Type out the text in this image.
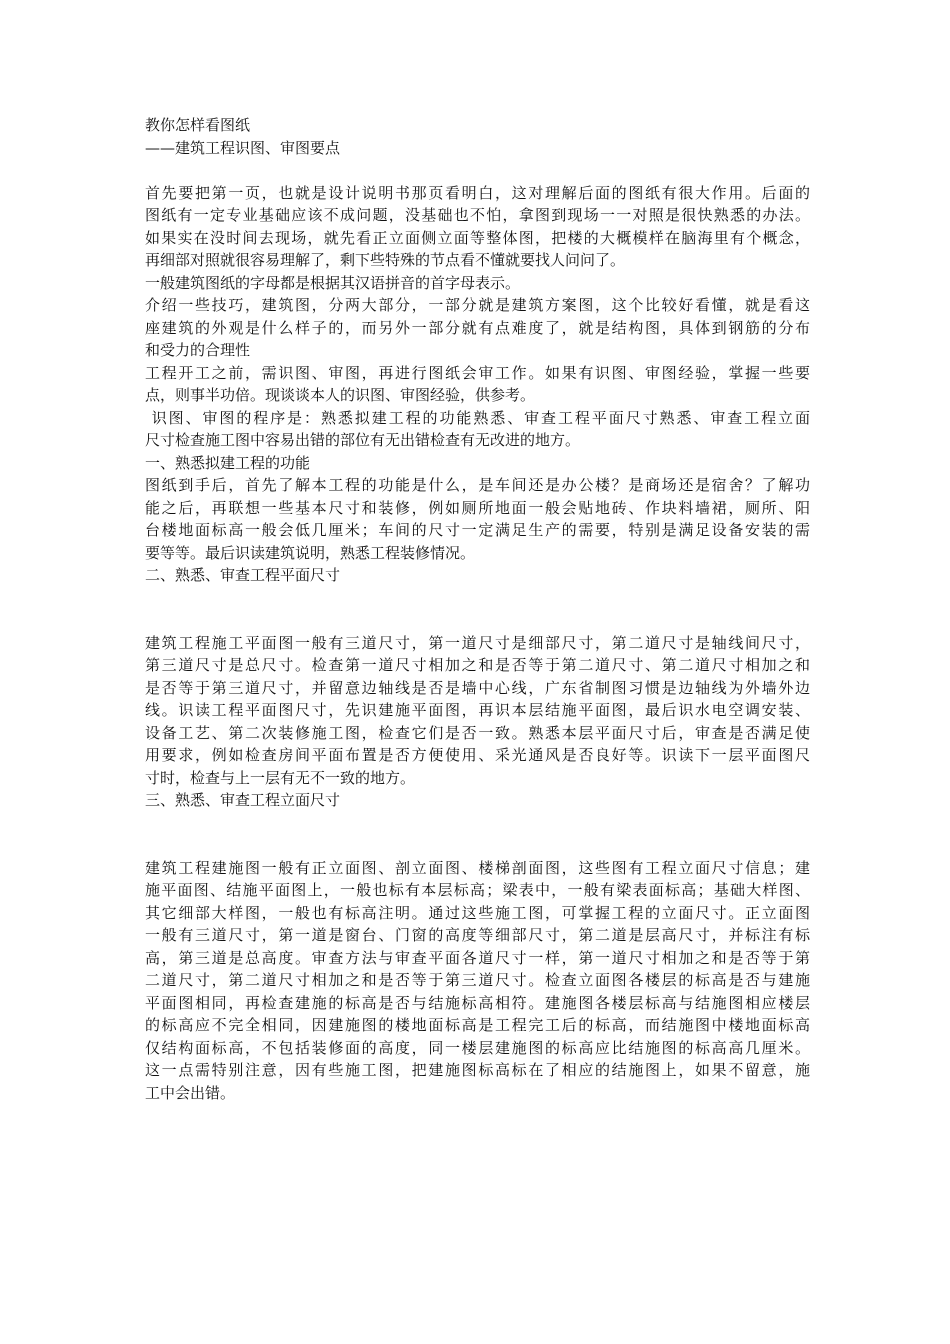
教你怎样看图纸
——建筑工程识图、审图要点
首先要把第一页，也就是设计说明书那页看明白，这对理解后面的图纸有很大作用。后面的
图纸有一定专业基础应该不成问题，没基础也不怕，拿图到现场一一对照是很快熟悉的办法。
如果实在没时间去现场，就先看正立面侧立面等整体图，把楼的大概模样在脑海里有个概念，
再细部对照就很容易理解了，剩下些特殊的节点看不懂就要找人问问了。
一般建筑图纸的字母都是根据其汉语拼音的首字母表示。
介绍一些技巧，建筑图，分两大部分，一部分就是建筑方案图，这个比较好看懂，就是看这
座建筑的外观是什么样子的，而另外一部分就有点难度了，就是结构图，具体到钢筋的分布
和受力的合理性
工程开工之前，需识图、审图，再进行图纸会审工作。如果有识图、审图经验，掌握一些要
点，则事半功倍。现谈谈本人的识图、审图经验，供参考。
识图、审图的程序是：熟悉拟建工程的功能熟悉、审查工程平面尺寸熟悉、审查工程立面
尺寸检查施工图中容易出错的部位有无出错检查有无改进的地方。
一、熟悉拟建工程的功能
图纸到手后，首先了解本工程的功能是什么，是车间还是办公楼？是商场还是宿舍？了解功
能之后，再联想一些基本尺寸和装修，例如厕所地面一般会贴地砖、作块料墙裙，厕所、阳
台楼地面标高一般会低几厘米；车间的尺寸一定满足生产的需要，特别是满足设备安装的需
要等等。最后识读建筑说明，熟悉工程装修情况。
二、熟悉、审查工程平面尺寸
建筑工程施工平面图一般有三道尺寸，第一道尺寸是细部尺寸，第二道尺寸是轴线间尺寸，
第三道尺寸是总尺寸。检查第一道尺寸相加之和是否等于第二道尺寸、第二道尺寸相加之和
是否等于第三道尺寸，并留意边轴线是否是墙中心线，广东省制图习惯是边轴线为外墙外边
线。识读工程平面图尺寸，先识建施平面图，再识本层结施平面图，最后识水电空调安装、
设备工艺、第二次装修施工图，检查它们是否一致。熟悉本层平面尺寸后，审查是否满足使
用要求，例如检查房间平面布置是否方便使用、采光通风是否良好等。识读下一层平面图尺
寸时，检查与上一层有无不一致的地方。
三、熟悉、审查工程立面尺寸
建筑工程建施图一般有正立面图、剖立面图、楼梯剖面图，这些图有工程立面尺寸信息；建
施平面图、结施平面图上，一般也标有本层标高；梁表中，一般有梁表面标高；基础大样图、
其它细部大样图，一般也有标高注明。通过这些施工图，可掌握工程的立面尺寸。正立面图
一般有三道尺寸，第一道是窗台、门窗的高度等细部尺寸，第二道是层高尺寸，并标注有标
高，第三道是总高度。审查方法与审查平面各道尺寸一样，第一道尺寸相加之和是否等于第
二道尺寸，第二道尺寸相加之和是否等于第三道尺寸。检查立面图各楼层的标高是否与建施
平面图相同，再检查建施的标高是否与结施标高相符。建施图各楼层标高与结施图相应楼层
的标高应不完全相同，因建施图的楼地面标高是工程完工后的标高，而结施图中楼地面标高
仅结构面标高，不包括装修面的高度，同一楼层建施图的标高应比结施图的标高高几厘米。
这一点需特别注意，因有些施工图，把建施图标高标在了相应的结施图上，如果不留意，施
工中会出错。
